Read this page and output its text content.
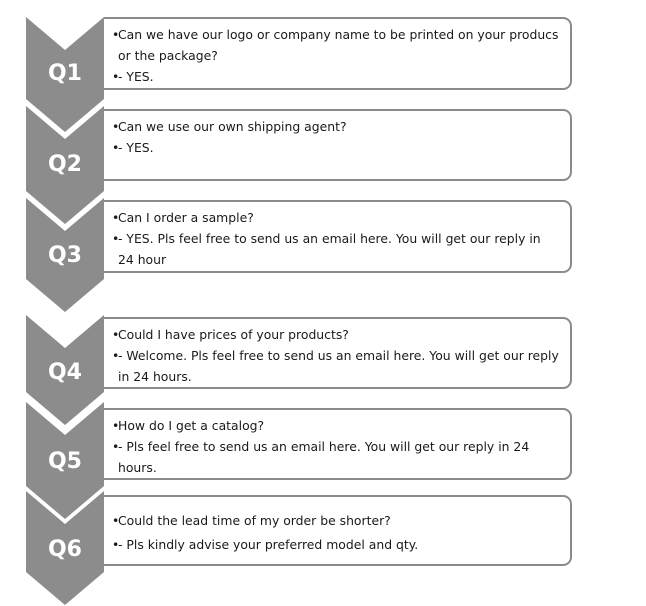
Q1
•
Can we have our logo or company name to be printed on your producs or the package?
•
- YES.
Q2
•
Can we use our own shipping agent?
•
- YES.
Q3
•
Can I order a sample?
•
- YES. Pls feel free to send us an email here. You will get our reply in 24 hour
Q4
•
Could I have prices of your products?
•
- Welcome. Pls feel free to send us an email here. You will get our reply in 24 hours.
Q5
•
How do I get a catalog?
•
- Pls feel free to send us an email here. You will get our reply in 24 hours.
Q6
•
Could the lead time of my order be shorter?
•
- Pls kindly advise your preferred model and qty.
